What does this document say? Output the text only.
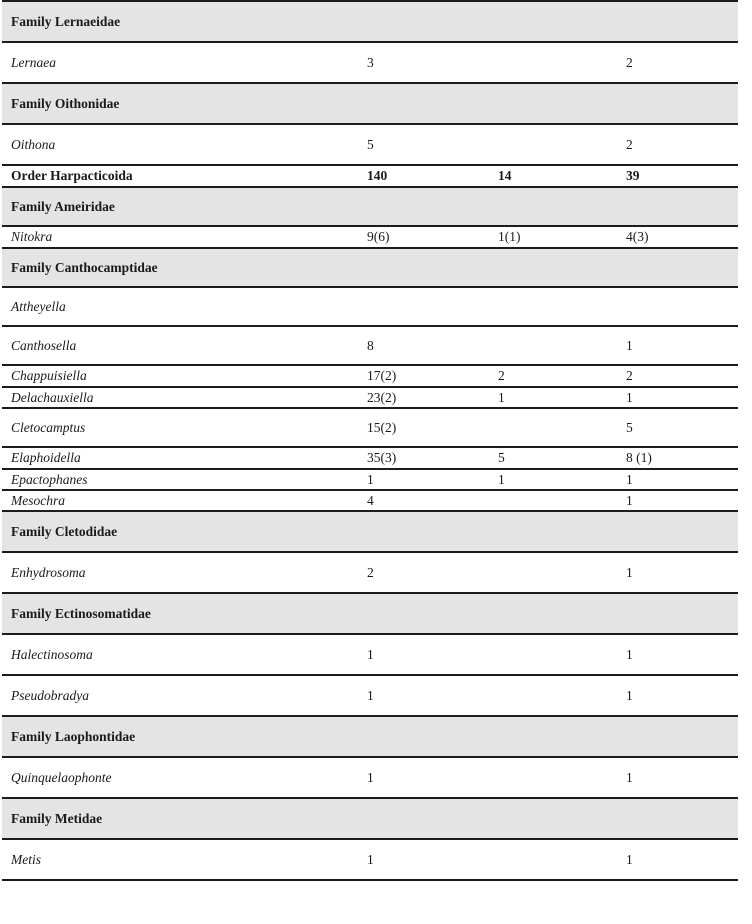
Family Lernaeidae			
Lernaea	3		2
Family Oithonidae			
Oithona	5		2
Order Harpacticoida	140	14	39
Family Ameiridae			
Nitokra	9(6)	1(1)	4(3)
Family Canthocamptidae			
Attheyella			
Canthosella	8		1
Chappuisiella	17(2)	2	2
Delachauxiella	23(2)	1	1
Cletocamptus	15(2)		5
Elaphoidella	35(3)	5	8 (1)
Epactophanes	1	1	1
Mesochra	4		1
Family Cletodidae			
Enhydrosoma	2		1
Family Ectinosomatidae			
Halectinosoma	1		1
Pseudobradya	1		1
Family Laophontidae			
Quinquelaophonte	1		1
Family Metidae			
Metis	1		1
